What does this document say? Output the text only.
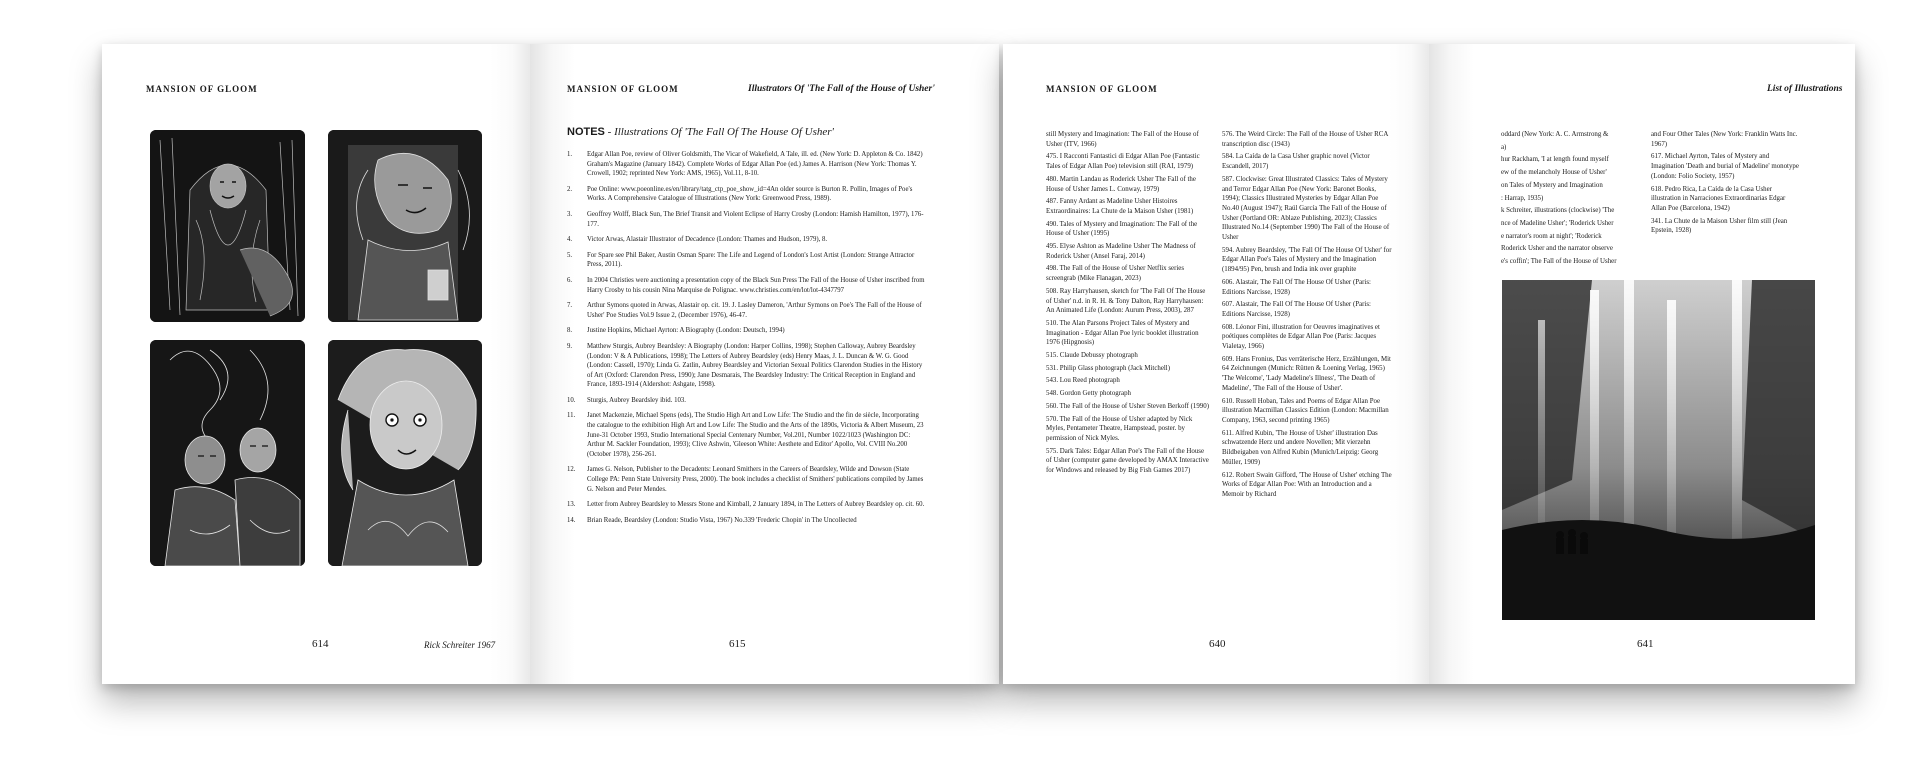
MANSION OF GLOOM
614	Rick Schreiter 1967
MANSION OF GLOOM	Illustrators Of 'The Fall of the House of Usher'
NOTES - Illustrations Of 'The Fall Of The House Of Usher'
1.	Edgar Allan Poe, review of Oliver Goldsmith, The Vicar of Wakefield, A Tale, ill. ed. (New York: D. Appleton & Co. 1842) Graham's Magazine (January 1842). Complete Works of Edgar Allan Poe (ed.) James A. Harrison (New York: Thomas Y. Crowell, 1902; reprinted New York: AMS, 1965), Vol.11, 8-10.
2.	Poe Online: www.poeonline.es/en/library/tatg_ctp_poe_show_id=4An older source is Burton R. Pollin, Images of Poe's Works. A Comprehensive Catalogue of Illustrations (New York: Greenwood Press, 1989).
3.	Geoffrey Wolff, Black Sun, The Brief Transit and Violent Eclipse of Harry Crosby (London: Hamish Hamilton, 1977), 176-177.
4.	Victor Arwas, Alastair Illustrator of Decadence (London: Thames and Hudson, 1979), 8.
5.	For Spare see Phil Baker, Austin Osman Spare: The Life and Legend of London's Lost Artist (London: Strange Attractor Press, 2011).
6.	In 2004 Christies were auctioning a presentation copy of the Black Sun Press The Fall of the House of Usher inscribed from Harry Crosby to his cousin Nina Marquise de Polignac. www.christies.com/en/lot/lot-4347797
7.	Arthur Symons quoted in Arwas, Alastair op. cit. 19. J. Lasley Dameron, 'Arthur Symons on Poe's The Fall of the House of Usher' Poe Studies Vol.9 Issue 2, (December 1976), 46-47.
8.	Justine Hopkins, Michael Ayrton: A Biography (London: Deutsch, 1994)
9.	Matthew Sturgis, Aubrey Beardsley: A Biography (London: Harper Collins, 1998); Stephen Calloway, Aubrey Beardsley (London: V & A Publications, 1998); The Letters of Aubrey Beardsley (eds) Henry Maas, J. L. Duncan & W. G. Good (London: Cassell, 1970); Linda G. Zatlin, Aubrey Beardsley and Victorian Sexual Politics Clarendon Studies in the History of Art (Oxford: Clarendon Press, 1990); Jane Desmarais, The Beardsley Industry: The Critical Reception in England and France, 1893-1914 (Aldershot: Ashgate, 1998).
10.	Sturgis, Aubrey Beardsley ibid. 103.
11.	Janet Mackenzie, Michael Spens (eds), The Studio High Art and Low Life: The Studio and the fin de siècle, Incorporating the catalogue to the exhibition High Art and Low Life: The Studio and the Arts of the 1890s, Victoria & Albert Museum, 23 June-31 October 1993, Studio International Special Centenary Number, Vol.201, Number 1022/1023 (Washington DC: Arthur M. Sackler Foundation, 1993); Clive Ashwin, 'Gleeson White: Aesthete and Editor' Apollo, Vol. CVIII No.200 (October 1978), 256-261.
12.	James G. Nelson, Publisher to the Decadents: Leonard Smithers in the Careers of Beardsley, Wilde and Dowson (State College PA: Penn State University Press, 2000). The book includes a checklist of Smithers' publications compiled by James G. Nelson and Peter Mendes.
13.	Letter from Aubrey Beardsley to Messrs Stone and Kimball, 2 January 1894, in The Letters of Aubrey Beardsley op. cit. 60.
14.	Brian Reade, Beardsley (London: Studio Vista, 1967) No.339 'Frederic Chopin' in The Uncollected
615
MANSION OF GLOOM

still Mystery and Imagination: The Fall of the House of Usher (ITV, 1966)

475. I Racconti Fantastici di Edgar Allan Poe (Fantastic Tales of Edgar Allan Poe) television still (RAI, 1979)

480. Martin Landau as Roderick Usher The Fall of the House of Usher James L. Conway, 1979)

487. Fanny Ardant as Madeline Usher Histoires Extraordinaires: La Chute de la Maison Usher (1981)

490. Tales of Mystery and Imagination: The Fall of the House of Usher (1995)

495. Elyse Ashton as Madeline Usher The Madness of Roderick Usher (Ansel Faraj, 2014)

498. The Fall of the House of Usher Netflix series screengrab (Mike Flanagan, 2023)

508. Ray Harryhausen, sketch for 'The Fall Of The House of Usher' n.d. in R. H. & Tony Dalton, Ray Harryhausen: An Animated Life (London: Aurum Press, 2003), 287

510. The Alan Parsons Project Tales of Mystery and Imagination - Edgar Allan Poe lyric booklet illustration 1976 (Hipgnosis)

515. Claude Debussy photograph

531. Philip Glass photograph (Jack Mitchell)

543. Lou Reed photograph

548. Gordon Getty photograph

560. The Fall of the House of Usher Steven Berkoff (1990)

570. The Fall of the House of Usher adapted by Nick Myles, Pentameter Theatre, Hampstead, poster. by permission of Nick Myles.

575. Dark Tales: Edgar Allan Poe's The Fall of the House of Usher (computer game developed by AMAX Interactive for Windows and released by Big Fish Games 2017)

576. The Weird Circle: The Fall of the House of Usher RCA transcription disc (1943)

584. La Caída de la Casa Usher graphic novel (Victor Escandell, 2017)

587. Clockwise: Great Illustrated Classics: Tales of Mystery and Terror Edgar Allan Poe (New York: Baronet Books, 1994); Classics Illustrated Mysteries by Edgar Allan Poe No.40 (August 1947); Raúl García The Fall of the House of Usher (Portland OR: Ablaze Publishing, 2023); Classics Illustrated No.14 (September 1990) The Fall of the House of Usher

594. Aubrey Beardsley, 'The Fall Of The House Of Usher' for Edgar Allan Poe's Tales of Mystery and the Imagination (1894/95) Pen, brush and India ink over graphite

606. Alastair, The Fall Of The House Of Usher (Paris: Editions Narcisse, 1928)

607. Alastair, The Fall Of The House Of Usher (Paris: Editions Narcisse, 1928)

608. Léonor Fini, illustration for Oeuvres imaginatives et poétiques complètes de Edgar Allan Poe (Paris: Jacques Vialetay, 1966)

609. Hans Fronius, Das verräterische Herz, Erzählungen, Mit 64 Zeichnungen (Munich: Rütten & Loening Verlag, 1965) 'The Welcome', 'Lady Madeline's Illness', 'The Death of Madeline', 'The Fall of the House of Usher'.

610. Russell Hoban, Tales and Poems of Edgar Allan Poe illustration Macmillan Classics Edition (London: Macmillan Company, 1963, second printing 1965)

611. Alfred Kubin, 'The House of Usher' illustration Das schwatzende Herz und andere Novellen; Mit vierzehn Bildbeigaben von Alfred Kubin (Munich/Leipzig: Georg Müller, 1909)

612. Robert Swain Gifford, 'The House of Usher' etching The Works of Edgar Allan Poe: With an Introduction and a Memoir by Richard

640
List of Illustrations

oddard (New York: A. C. Armstrong &

a)

hur Rackham, 'I at length found myself

ew of the melancholy House of Usher'

on Tales of Mystery and Imagination

: Harrap, 1935)

k Schreiter, illustrations (clockwise) 'The

nce of Madeline Usher'; 'Roderick Usher

e narrator's room at night'; 'Roderick

Roderick Usher and the narrator observe

e's coffin'; The Fall of the House of Usher

and Four Other Tales (New York: Franklin Watts Inc. 1967)

617. Michael Ayrton, Tales of Mystery and Imagination 'Death and burial of Madeline' monotype (London: Folio Society, 1957)

618. Pedro Rica, La Caída de la Casa Usher illustration in Narraciones Extraordinarias Edgar Allan Poe (Barcelona, 1942)

341. La Chute de la Maison Usher film still (Jean Epstein, 1928)

641
